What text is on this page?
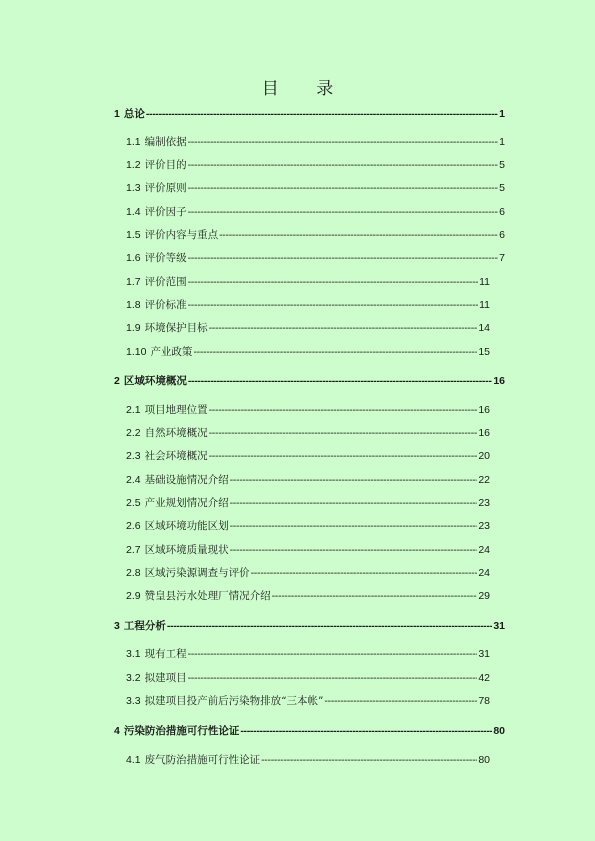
目 录
1 总论 -----	1
1.1 编制依据 -----	1
1.2 评价目的 -----	5
1.3 评价原则 -----	5
1.4 评价因子 -----	6
1.5 评价内容与重点 -----	6
1.6 评价等级 -----	7
1.7 评价范围 -----	11
1.8 评价标准 -----	11
1.9 环境保护目标 -----	14
1.10 产业政策 -----	15
2 区域环境概况 -----	16
2.1 项目地理位置 -----	16
2.2 自然环境概况 -----	16
2.3 社会环境概况 -----	20
2.4 基础设施情况介绍 -----	22
2.5 产业规划情况介绍 -----	23
2.6 区域环境功能区划 -----	23
2.7 区域环境质量现状 -----	24
2.8 区域污染源调查与评价 -----	24
2.9 赞皇县污水处理厂情况介绍 -----	29
3 工程分析 -----	31
3.1 现有工程 -----	31
3.2 拟建项目 -----	42
3.3 拟建项目投产前后污染物排放“三本帐” -----	78
4 污染防治措施可行性论证 -----	80
4.1 废气防治措施可行性论证 -----	80
